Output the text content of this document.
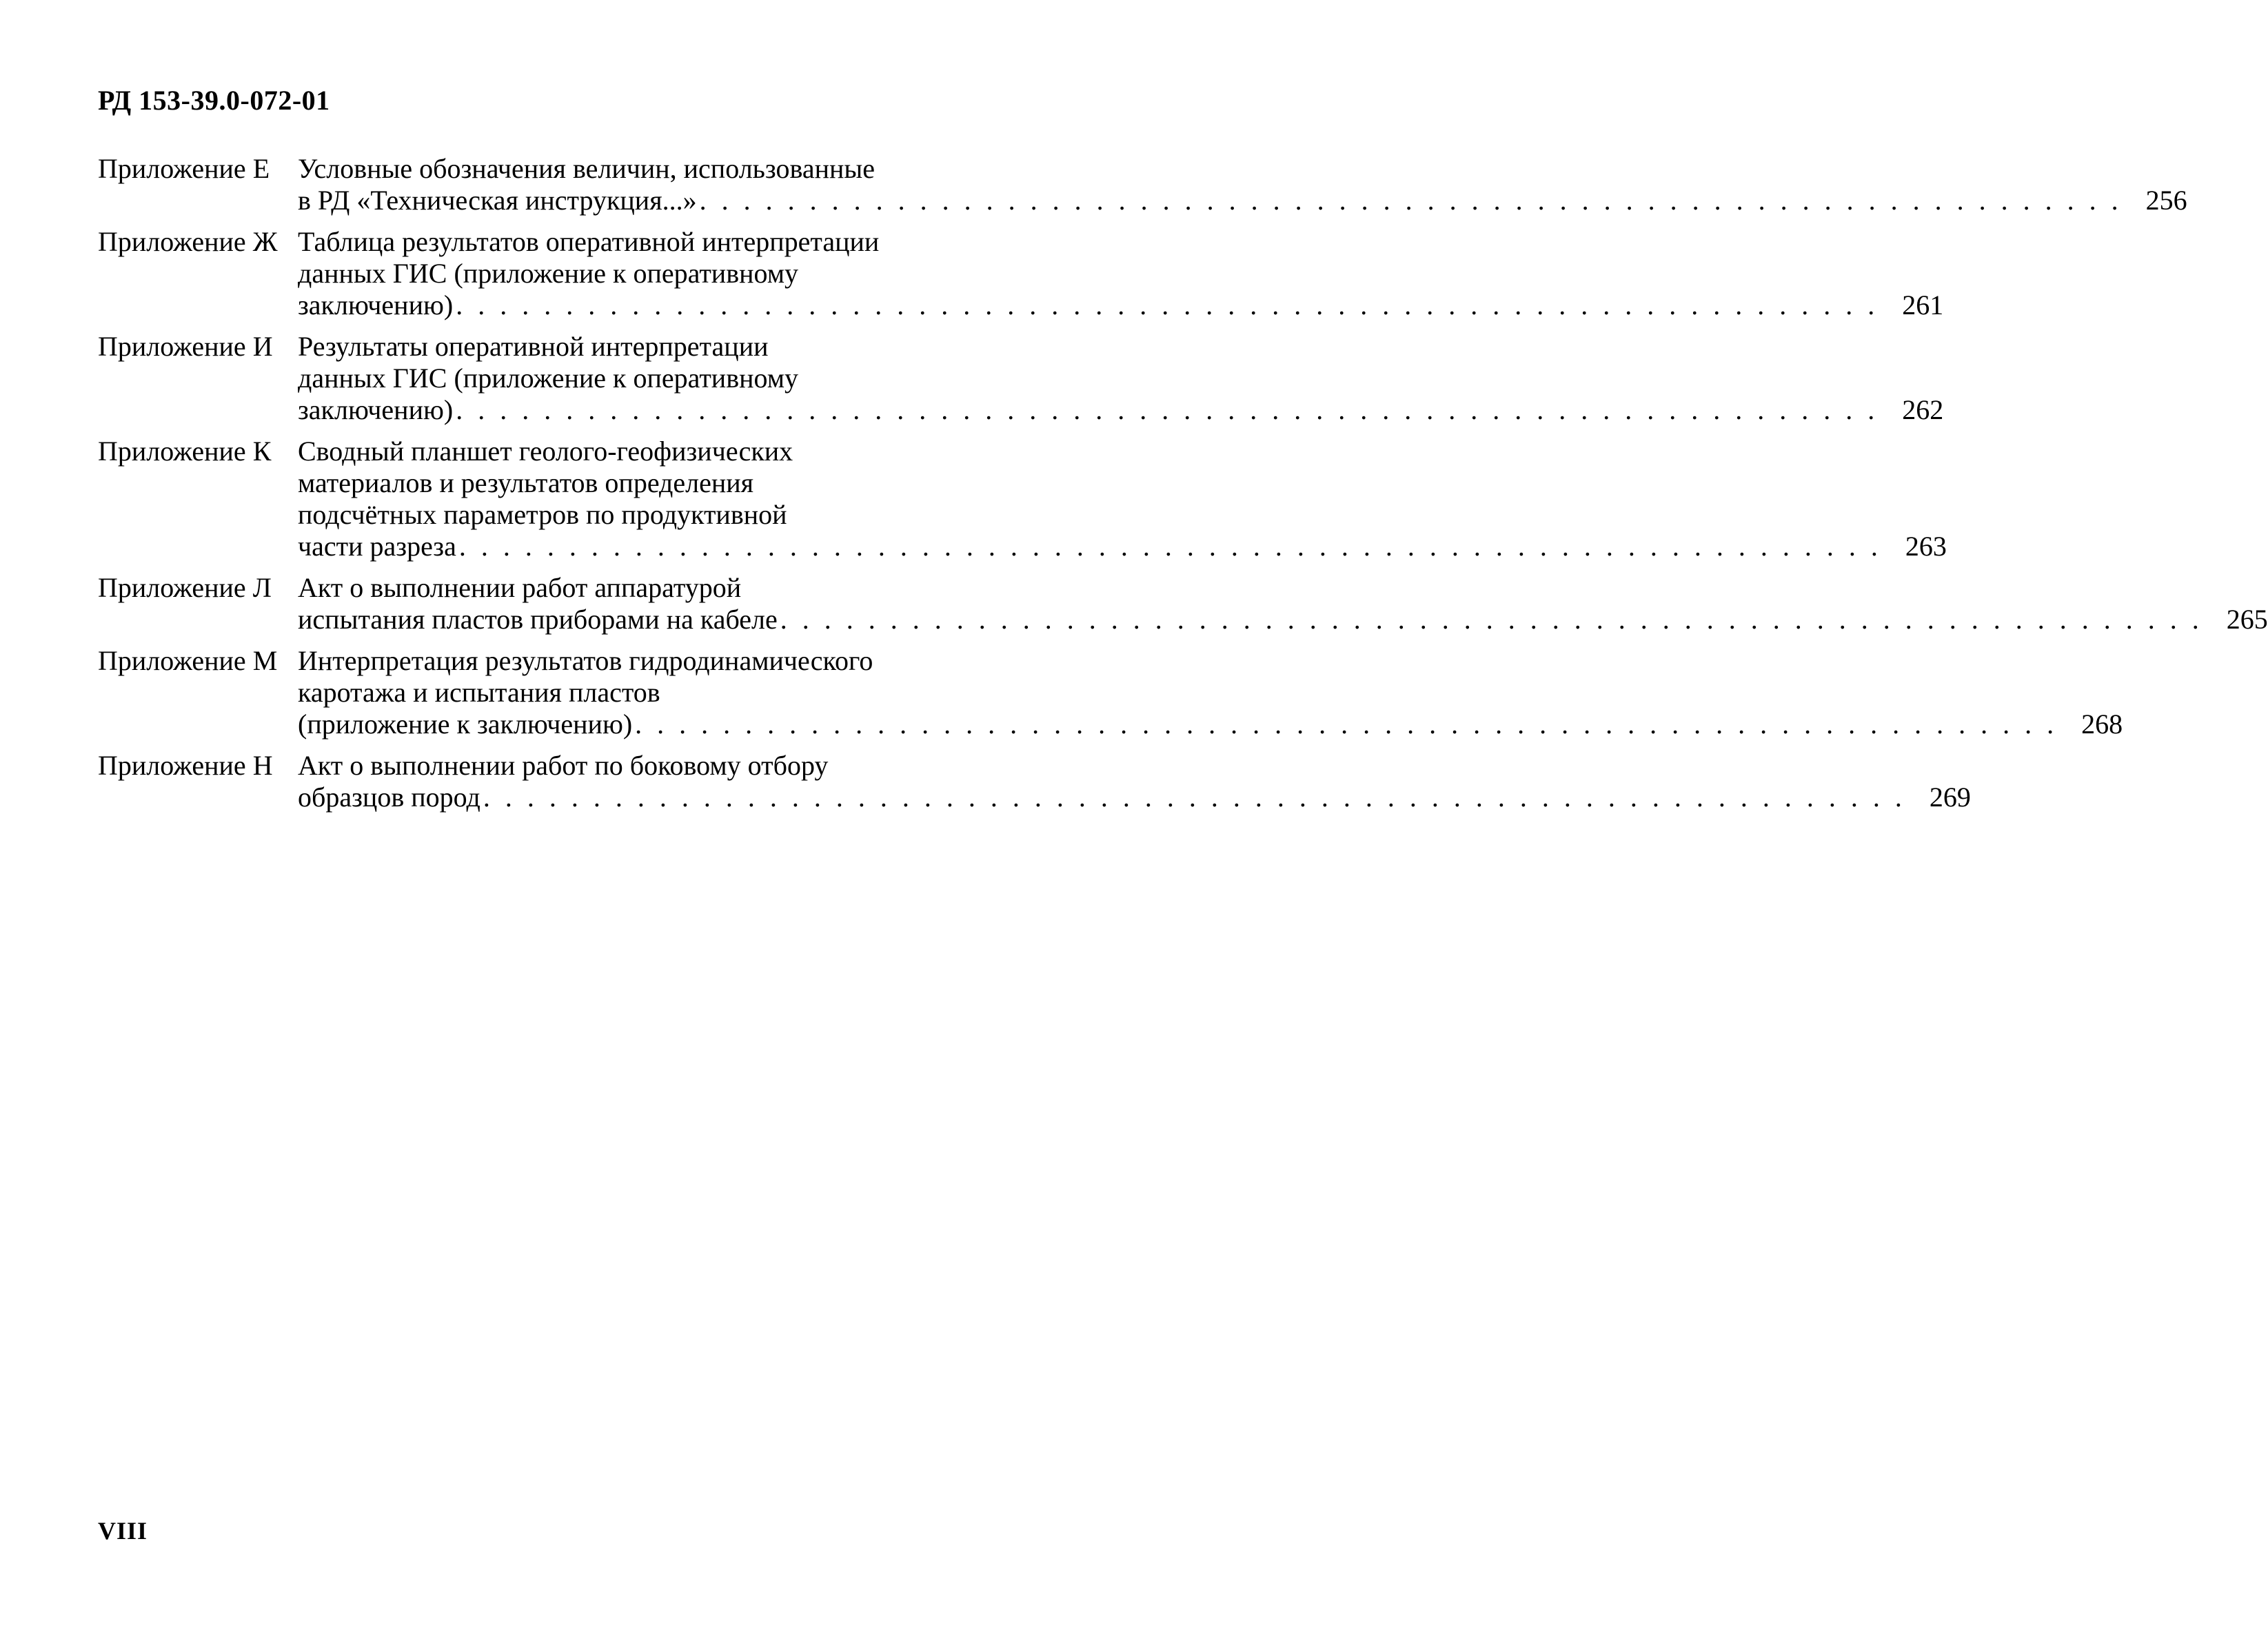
РД 153-39.0-072-01
Приложение Е	Условные обозначения величин, использованные
в РД «Техническая инструкция...» . . .	256
Приложение Ж Таблица результатов оперативной интерпретации
данных ГИС (приложение к оперативному
заключению) . . .	261
Приложение И Результаты оперативной интерпретации
данных ГИС (приложение к оперативному
заключению) . . .	262
Приложение К Сводный планшет геолого-геофизических
материалов и результатов определения
подсчётных параметров по продуктивной
части разреза . . .	263
Приложение Л Акт о выполнении работ аппаратурой
испытания пластов приборами на кабеле . . .	265
Приложение М Интерпретация результатов гидродинамического
каротажа и испытания пластов
(приложение к заключению) . . .	268
Приложение Н Акт о выполнении работ по боковому отбору
образцов пород . . .	269
VIII
